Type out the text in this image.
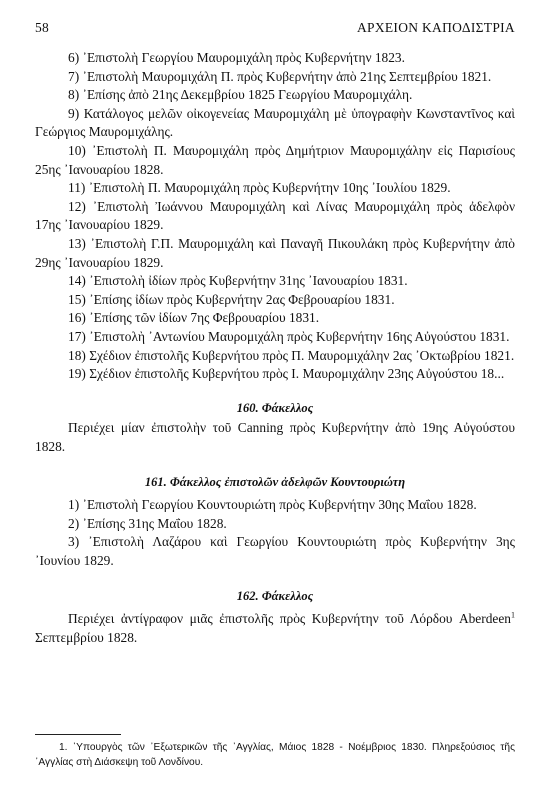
58	ΑΡΧΕΙΟΝ ΚΑΠΟΔΙΣΤΡΙΑ

6) ᾿Επιστολὴ Γεωργίου Μαυρομιχάλη πρὸς Κυβερνήτην 1823.

7) ᾿Επιστολὴ Μαυρομιχάλη Π. πρὸς Κυβερνήτην ἀπὸ 21ης Σεπτεμβρίου 1821.

8) ᾿Επίσης ἀπὸ 21ης Δεκεμβρίου 1825 Γεωργίου Μαυρομιχάλη.

9) Κατάλογος μελῶν οἰκογενείας Μαυρομιχάλη μὲ ὑπογραφὴν Κωνσταντῖνος καὶ Γεώργιος Μαυρομιχάλης.

10) ᾿Επιστολὴ Π. Μαυρομιχάλη πρὸς Δημήτριον Μαυρομιχάλην εἰς Παρισίους 25ης ᾿Ιανουαρίου 1828.

11) ᾿Επιστολὴ Π. Μαυρομιχάλη πρὸς Κυβερνήτην 10ης ᾿Ιουλίου 1829.

12) ᾿Επιστολὴ Ἰωάννου Μαυρομιχάλη καὶ Λίνας Μαυρομιχάλη πρὸς ἀδελφὸν 17ης ᾿Ιανουαρίου 1829.

13) ᾿Επιστολὴ Γ.Π. Μαυρομιχάλη καὶ Παναγῆ Πικουλάκη πρὸς Κυβερνήτην ἀπὸ 29ης ᾿Ιανουαρίου 1829.

14) ᾿Επιστολὴ ἰδίων πρὸς Κυβερνήτην 31ης ᾿Ιανουαρίου 1831.

15) ᾿Επίσης ἰδίων πρὸς Κυβερνήτην 2ας Φεβρουαρίου 1831.

16) ᾿Επίσης τῶν ἰδίων 7ης Φεβρουαρίου 1831.

17) ᾿Επιστολὴ ᾿Αντωνίου Μαυρομιχάλη πρὸς Κυβερνήτην 16ης Αὐγούστου 1831.

18) Σχέδιον ἐπιστολῆς Κυβερνήτου πρὸς Π. Μαυρομιχάλην 2ας ᾿Οκτωβρίου 1821.

19) Σχέδιον ἐπιστολῆς Κυβερνήτου πρὸς Ι. Μαυρομιχάλην 23ης Αὐγούστου 18...

160. Φάκελλος

Περιέχει μίαν ἐπιστολὴν τοῦ Canning πρὸς Κυβερνήτην ἀπὸ 19ης Αὐγούστου 1828.

161. Φάκελλος ἐπιστολῶν ἀδελφῶν Κουντουριώτη

1) ᾿Επιστολὴ Γεωργίου Κουντουριώτη πρὸς Κυβερνήτην 30ης Μαΐου 1828.

2) ᾿Επίσης 31ης Μαΐου 1828.

3) ᾿Επιστολὴ Λαζάρου καὶ Γεωργίου Κουντουριώτη πρὸς Κυβερνήτην 3ης ᾿Ιουνίου 1829.

162. Φάκελλος

Περιέχει ἀντίγραφον μιᾶς ἐπιστολῆς πρὸς Κυβερνήτην τοῦ Λόρδου Aberdeen$^1$ Σεπτεμβρίου 1828.

1. ῾Υπουργὸς τῶν ᾿Εξωτερικῶν τῆς ᾿Αγγλίας, Μάιος 1828 - Νοέμβριος 1830. Πληρεξούσιος τῆς ᾿Αγγλίας στὴ Διάσκεψη τοῦ Λονδίνου.
